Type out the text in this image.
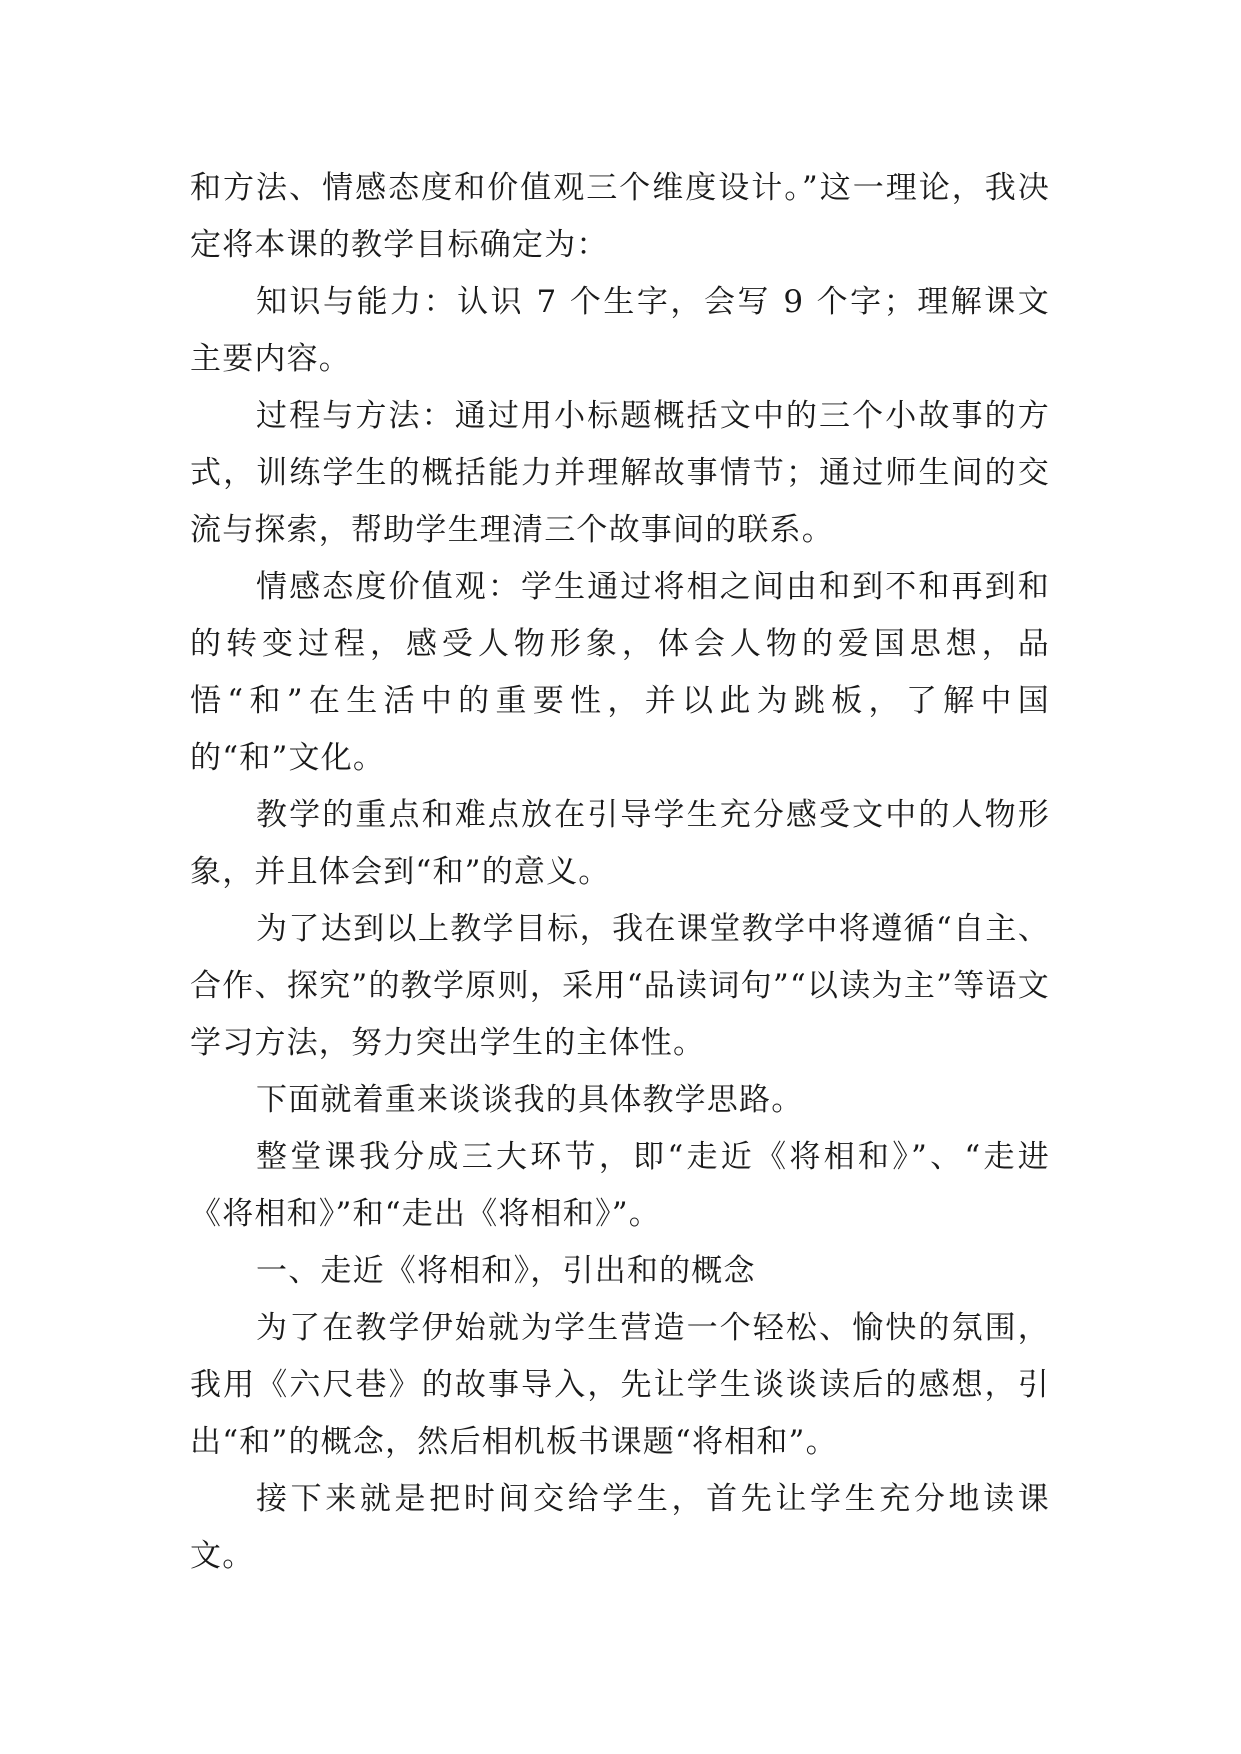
和方法、情感态度和价值观三个维度设计。”这一理论，我决定将本课的教学目标确定为：

知识与能力：认识 7 个生字，会写 9 个字；理解课文主要内容。

过程与方法：通过用小标题概括文中的三个小故事的方式，训练学生的概括能力并理解故事情节；通过师生间的交流与探索，帮助学生理清三个故事间的联系。

情感态度价值观：学生通过将相之间由和到不和再到和的转变过程，感受人物形象，体会人物的爱国思想，品悟“和”在生活中的重要性，并以此为跳板，了解中国的“和”文化。

教学的重点和难点放在引导学生充分感受文中的人物形象，并且体会到“和”的意义。

为了达到以上教学目标，我在课堂教学中将遵循“自主、合作、探究”的教学原则，采用“品读词句”“以读为主”等语文学习方法，努力突出学生的主体性。

下面就着重来谈谈我的具体教学思路。

整堂课我分成三大环节，即“走近《将相和》”、“走进《将相和》”和“走出《将相和》”。

一、走近《将相和》，引出和的概念

为了在教学伊始就为学生营造一个轻松、愉快的氛围，我用《六尺巷》的故事导入，先让学生谈谈读后的感想，引出“和”的概念，然后相机板书课题“将相和”。

接下来就是把时间交给学生，首先让学生充分地读课文。
